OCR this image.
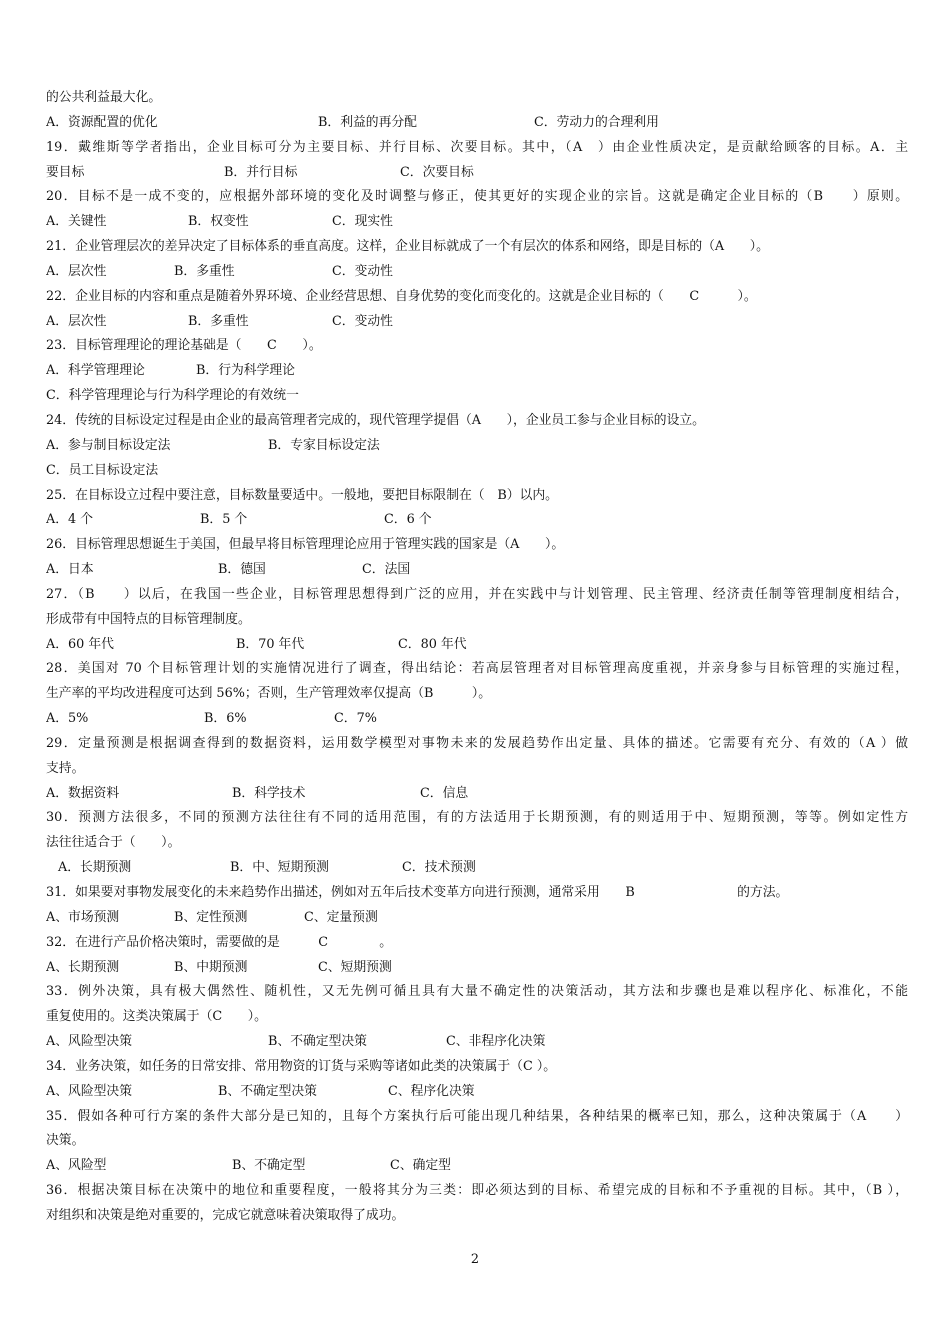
的公共利益最大化。
A．资源配置的优化	B．利益的再分配	C．劳动力的合理利用
19．戴维斯等学者指出，企业目标可分为主要目标、并行目标、次要目标。其中，（A　）由企业性质决定，是贡献给顾客的目标。A．主
要目标	B．并行目标	C．次要目标
20．目标不是一成不变的，应根据外部环境的变化及时调整与修正，使其更好的实现企业的宗旨。这就是确定企业目标的（B　　）原则。
A．关键性	B．权变性	C．现实性
21．企业管理层次的差异决定了目标体系的垂直高度。这样，企业目标就成了一个有层次的体系和网络，即是目标的（A　　）。
A．层次性	B．多重性	C．变动性
22．企业目标的内容和重点是随着外界环境、企业经营思想、自身优势的变化而变化的。这就是企业目标的（　　C　　　）。
A．层次性	B．多重性	C．变动性
23．目标管理理论的理论基础是（　　C　　）。
A．科学管理理论	B．行为科学理论
C．科学管理理论与行为科学理论的有效统一
24．传统的目标设定过程是由企业的最高管理者完成的，现代管理学提倡（A　　），企业员工参与企业目标的设立。
A．参与制目标设定法	B．专家目标设定法
C．员工目标设定法
25．在目标设立过程中要注意，目标数量要适中。一般地，要把目标限制在（　B）以内。
A．4 个	B．5 个	C．6 个
26．目标管理思想诞生于美国，但最早将目标管理理论应用于管理实践的国家是（A　　）。
A．日本	B．德国	C．法国
27．（B　　）以后，在我国一些企业，目标管理思想得到广泛的应用，并在实践中与计划管理、民主管理、经济责任制等管理制度相结合，
形成带有中国特点的目标管理制度。
A．60 年代	B．70 年代	C．80 年代
28．美国对 70 个目标管理计划的实施情况进行了调查，得出结论：若高层管理者对目标管理高度重视，并亲身参与目标管理的实施过程，
生产率的平均改进程度可达到 56%；否则，生产管理效率仅提高（B　　　）。
A．5%	B．6%	C．7%
29．定量预测是根据调查得到的数据资料，运用数学模型对事物未来的发展趋势作出定量、具体的描述。它需要有充分、有效的（A ）做
支持。
A．数据资料	B．科学技术	C．信息
30．预测方法很多，不同的预测方法往往有不同的适用范围，有的方法适用于长期预测，有的则适用于中、短期预测，等等。例如定性方
法往往适合于（　　）。
A．长期预测	B．中、短期预测	C．技术预测
31．如果要对事物发展变化的未来趋势作出描述，例如对五年后技术变革方向进行预测，通常采用　　B　　　　　　　　的方法。
A、市场预测	B、定性预测	C、定量预测
32．在进行产品价格决策时，需要做的是　　　C　　　　。
A、长期预测	B、中期预测	C、短期预测
33．例外决策，具有极大偶然性、随机性，又无先例可循且具有大量不确定性的决策活动，其方法和步骤也是难以程序化、标准化，不能
重复使用的。这类决策属于（C　　）。
A、风险型决策	B、不确定型决策	C、非程序化决策
34．业务决策，如任务的日常安排、常用物资的订货与采购等诸如此类的决策属于（C ）。
A、风险型决策	B、不确定型决策	C、程序化决策
35．假如各种可行方案的条件大部分是已知的，且每个方案执行后可能出现几种结果，各种结果的概率已知，那么，这种决策属于（A　　）
决策。
A、风险型	B、不确定型	C、确定型
36．根据决策目标在决策中的地位和重要程度，一般将其分为三类：即必须达到的目标、希望完成的目标和不予重视的目标。其中，（B ），
对组织和决策是绝对重要的，完成它就意味着决策取得了成功。
2
